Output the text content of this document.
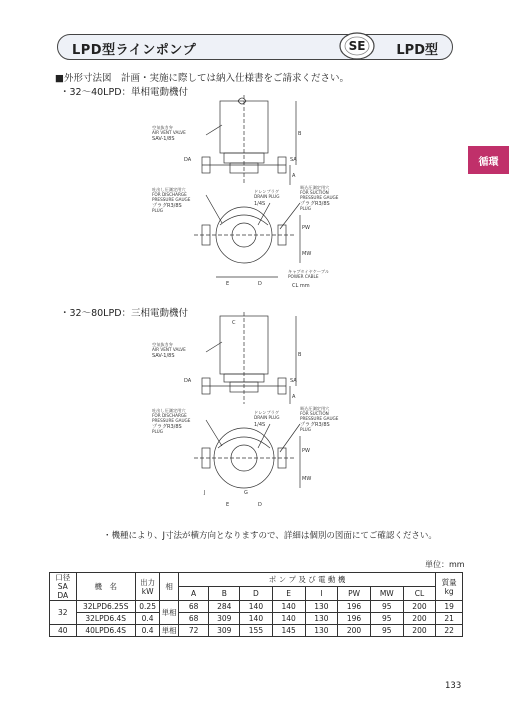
LPD型ラインポンプ	LPD型
SE
循環
■外形寸法図　計画・実施に際しては納入仕様書をご請求ください。
・32〜40LPD：単相電動機付
空気抜き弁
AIR VENT VALVE
SAV-1/8S
吐出し圧測定用穴
FOR DISCHARGE
PRESSURE GAUGE
プラグR3/8S
PLUG
ドレンプラグ
DRAIN PLUG
1/4S
吸込圧測定用穴
FOR SUCTION
PRESSURE GAUGE
プラグR3/8S
PLUG
キャブタイヤケーブル
POWER CABLE
CL mm
B
A
DA	SA
E	D
PW
MW
・32〜80LPD：三相電動機付
空気抜き弁
AIR VENT VALVE
SAV-1/8S
吐出し圧測定用穴
FOR DISCHARGE
PRESSURE GAUGE
プラグR3/8S
PLUG
ドレンプラグ
DRAIN PLUG
1/4S
吸込圧測定用穴
FOR SUCTION
PRESSURE GAUGE
プラグR3/8S
PLUG
B
A
C
DA	SA
E	D
G
J
PW
MW
・機種により、J寸法が横方向となりますので、詳細は個別の図面にてご確認ください。
単位：mm
口径
SA
DA	機　名	出力
kW	相	ポ ン プ 及 び 電 動 機								質量
kg
				A	B	D	E	I	PW	MW	CL	
32	32LPD6.25S	0.25	単相	68	284	140	140	130	196	95	200	19
	32LPD6.4S	0.4		68	309	140	140	130	196	95	200	21
40	40LPD6.4S	0.4	単相	72	309	155	145	130	200	95	200	22
133
